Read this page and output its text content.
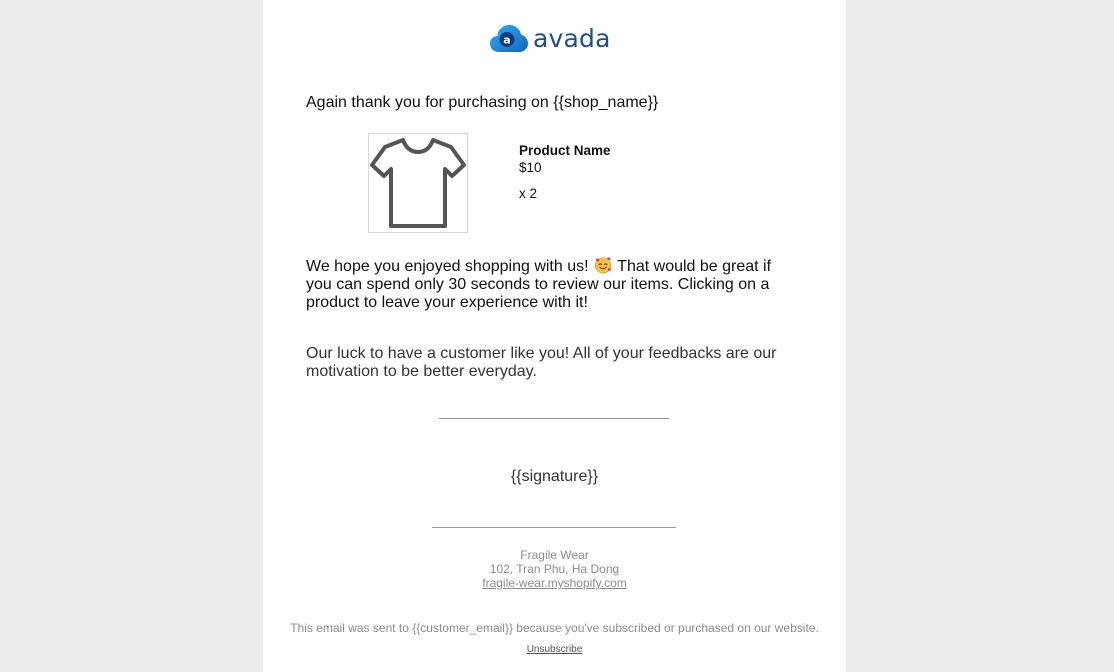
a avada
Again thank you for purchasing on {{shop_name}}
Product Name
$10
x 2

We hope you enjoyed shopping with us! That would be great if you can spend only 30 seconds to review our items. Clicking on a product to leave your experience with it!

Our luck to have a customer like you! All of your feedbacks are our motivation to be better everyday.

{{signature}}
Fragile Wear
102, Tran Phu, Ha Dong
fragile-wear.myshopify.com
This email was sent to {{customer_email}} because you've subscribed or purchased on our website.
Unsubscribe
